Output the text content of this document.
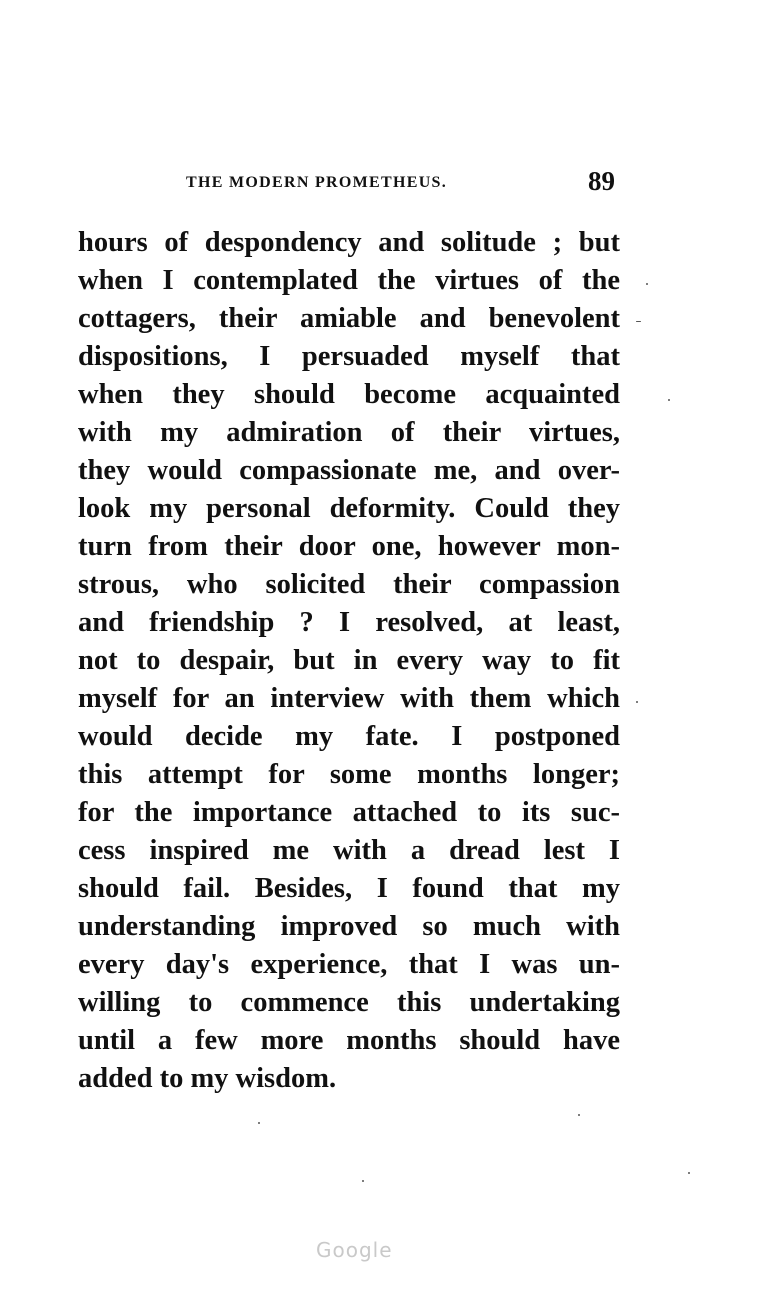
THE MODERN PROMETHEUS.	89
hours of despondency and solitude ; but
when I contemplated the virtues of the
cottagers, their amiable and benevolent
dispositions, I persuaded myself that
when they should become acquainted
with my admiration of their virtues,
they would compassionate me, and over-
look my personal deformity. Could they
turn from their door one, however mon-
strous, who solicited their compassion
and friendship ? I resolved, at least,
not to despair, but in every way to fit
myself for an interview with them which
would decide my fate. I postponed
this attempt for some months longer;
for the importance attached to its suc-
cess inspired me with a dread lest I
should fail. Besides, I found that my
understanding improved so much with
every day's experience, that I was un-
willing to commence this undertaking
until a few more months should have
added to my wisdom.
Google
